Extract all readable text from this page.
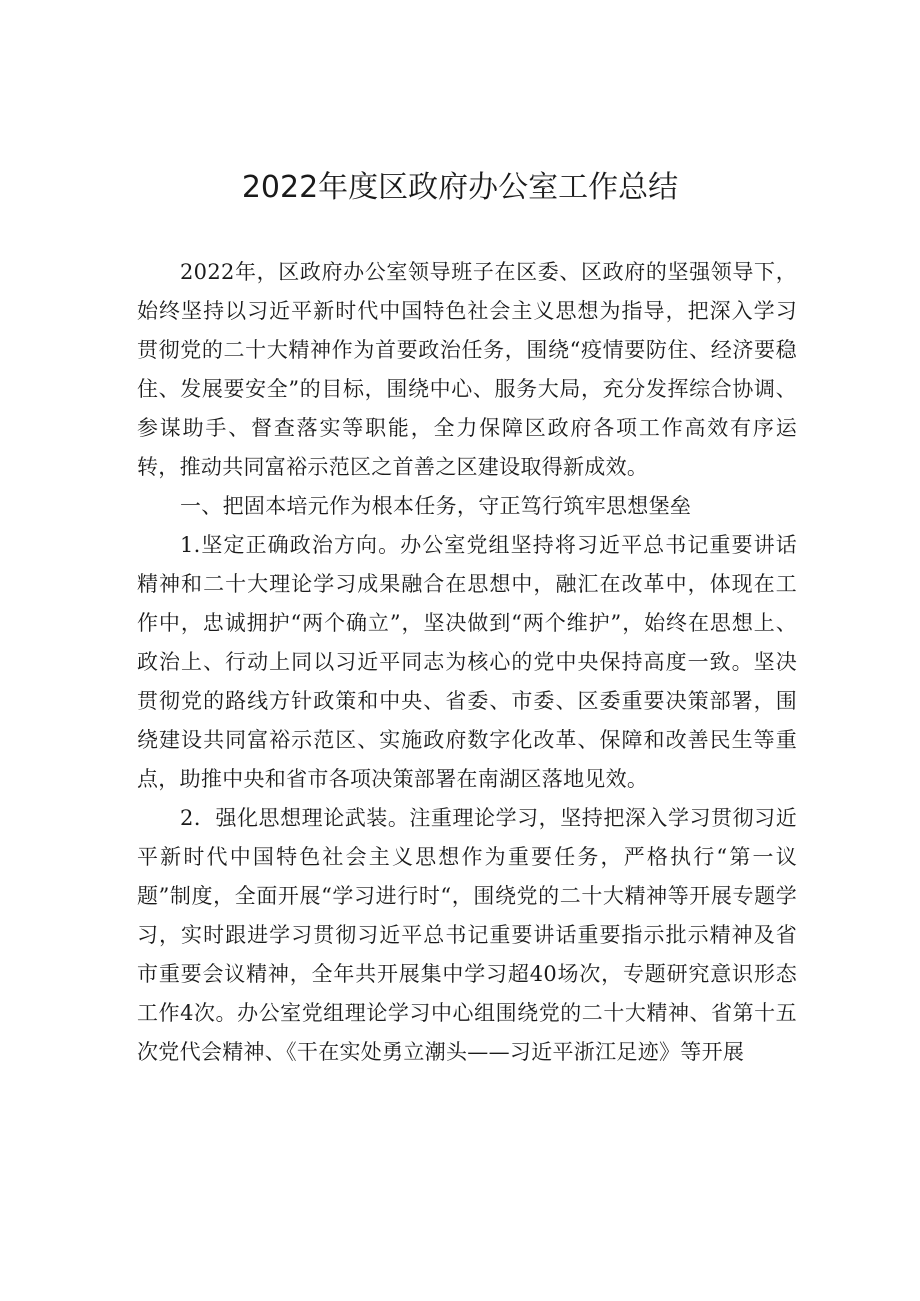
2022年度区政府办公室工作总结

2022年，区政府办公室领导班子在区委、区政府的坚强领导下，始终坚持以习近平新时代中国特色社会主义思想为指导，把深入学习贯彻党的二十大精神作为首要政治任务，围绕“疫情要防住、经济要稳住、发展要安全”的目标，围绕中心、服务大局，充分发挥综合协调、参谋助手、督查落实等职能，全力保障区政府各项工作高效有序运转，推动共同富裕示范区之首善之区建设取得新成效。

一、把固本培元作为根本任务，守正笃行筑牢思想堡垒

1.坚定正确政治方向。办公室党组坚持将习近平总书记重要讲话精神和二十大理论学习成果融合在思想中，融汇在改革中，体现在工作中，忠诚拥护“两个确立”，坚决做到“两个维护”，始终在思想上、政治上、行动上同以习近平同志为核心的党中央保持高度一致。坚决贯彻党的路线方针政策和中央、省委、市委、区委重要决策部署，围绕建设共同富裕示范区、实施政府数字化改革、保障和改善民生等重点，助推中央和省市各项决策部署在南湖区落地见效。

2．强化思想理论武装。注重理论学习，坚持把深入学习贯彻习近平新时代中国特色社会主义思想作为重要任务，严格执行“第一议题”制度，全面开展“学习进行时“，围绕党的二十大精神等开展专题学习，实时跟进学习贯彻习近平总书记重要讲话重要指示批示精神及省市重要会议精神，全年共开展集中学习超40场次，专题研究意识形态工作4次。办公室党组理论学习中心组围绕党的二十大精神、省第十五次党代会精神、《干在实处勇立潮头——习近平浙江足迹》等开展
